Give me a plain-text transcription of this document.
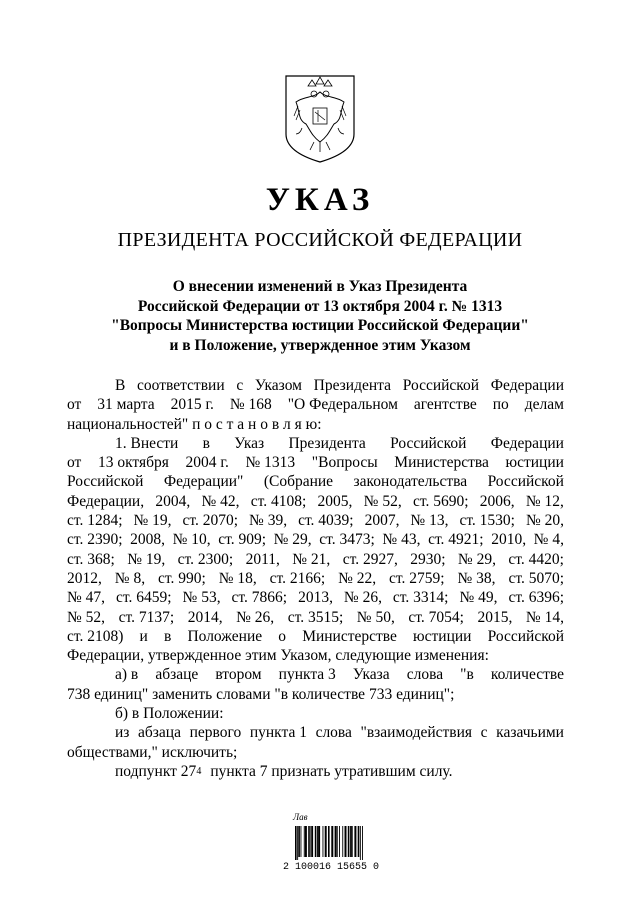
УКАЗ
ПРЕЗИДЕНТА РОССИЙСКОЙ ФЕДЕРАЦИИ
О внесении изменений в Указ Президента
Российской Федерации от 13 октября 2004 г. № 1313
"Вопросы Министерства юстиции Российской Федерации"
и в Положение, утвержденное этим Указом
В соответствии с Указом Президента Российской Федерации
от 31 марта 2015 г. № 168 "О Федеральном агентстве по делам
национальностей" п о с т а н о в л я ю:
1. Внести в Указ Президента Российской Федерации
от 13 октября 2004 г. № 1313 "Вопросы Министерства юстиции
Российской Федерации" (Собрание законодательства Российской
Федерации, 2004, № 42, ст. 4108; 2005, № 52, ст. 5690; 2006, № 12,
ст. 1284; № 19, ст. 2070; № 39, ст. 4039; 2007, № 13, ст. 1530; № 20,
ст. 2390; 2008, № 10, ст. 909; № 29, ст. 3473; № 43, ст. 4921; 2010, № 4,
ст. 368; № 19, ст. 2300; 2011, № 21, ст. 2927, 2930; № 29, ст. 4420;
2012, № 8, ст. 990; № 18, ст. 2166; № 22, ст. 2759; № 38, ст. 5070;
№ 47, ст. 6459; № 53, ст. 7866; 2013, № 26, ст. 3314; № 49, ст. 6396;
№ 52, ст. 7137; 2014, № 26, ст. 3515; № 50, ст. 7054; 2015, № 14,
ст. 2108) и в Положение о Министерстве юстиции Российской
Федерации, утвержденное этим Указом, следующие изменения:
а) в абзаце втором пункта 3 Указа слова "в количестве
738 единиц" заменить словами "в количестве 733 единиц";
б) в Положении:
из абзаца первого пункта 1 слова "взаимодействия с казачьими
обществами," исключить;
подпункт 27 4 пункта 7 признать утратившим силу.
Лав
2 100016 15655 0
